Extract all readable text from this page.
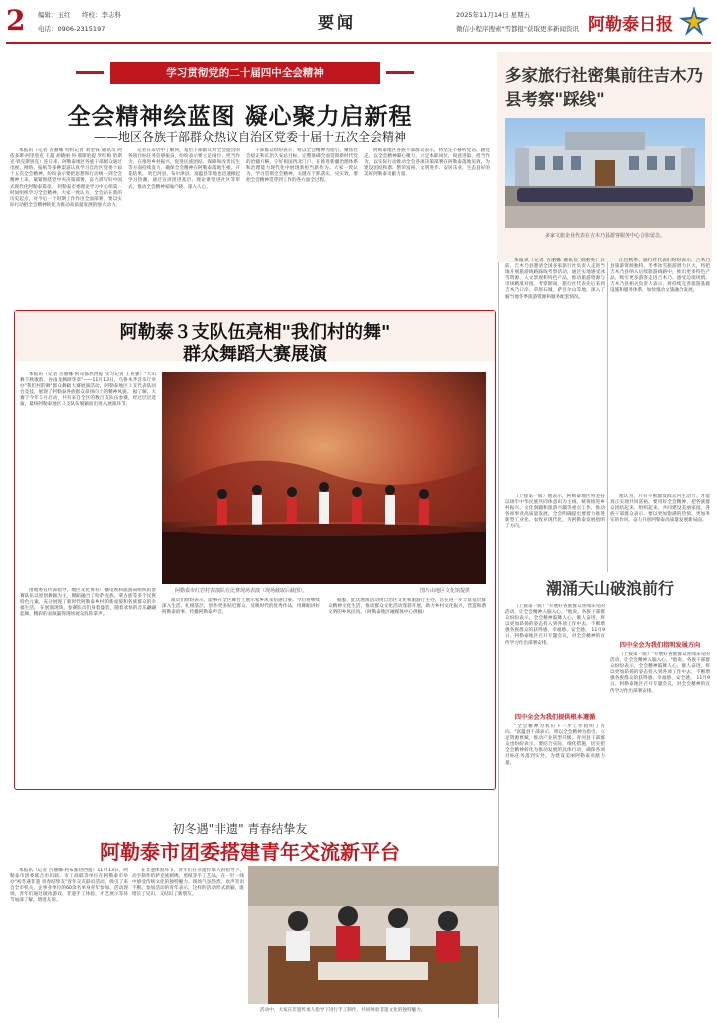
2 编辑：玉红 终校：李志科
电话：0906-2315197	要闻	2025年11月14日 星期五
微信小程序搜索"雪都报"获取更多新闻资讯 阿勒泰日报
学习贯彻党的二十届四中全会精神
全会精神绘蓝图 凝心聚力启新程
——地区各族干部群众热议自治区党委十届十五次全会精神

本报讯（记者 古丽娜 特约记者 刘金钱 通讯员 阿依多斯·阿里别克 王超 胡晓丽 何·那斯哈提 罗红梅 哈斯克·铁克斯别克）连日来，阿勒泰地区各族干部群众通过电视、网络、报纸等多种渠道认真学习自治区党委十届十五次全会精神，纷纷表示要把思想和行动统一到全会精神上来，紧紧围绕党中央决策部署，奋力谱写好中国式现代化阿勒泰篇章。 阿勒泰市委理论学习中心组第一时间组织学习全会精神，大家一致认为，全会站在新的历史起点，对今后一个时期工作作出全面部署，要以实际行动把全会精神转化为推动高质量发展的强大动力。

记者在采访中了解到，基层干部群众对全会提出的各项目标任务倍感振奋，纷纷表示要立足岗位、担当作为，在推进乡村振兴、促进民族团结、保障和改善民生等方面持续发力，确保全会精神在阿勒泰落地生根、开花结果。 哈巴河县、布尔津县、富蕴县等地也迅速掀起学习热潮，通过宣讲团进基层、理论课堂进社区等形式，推动全会精神家喻户晓、深入人心。

干部群众纷纷表示，将以全会精神为指引，聚焦社会稳定和长治久安总目标，完整准确全面贯彻新时代党的治疆方略，守好祖国西北门户，在推进新疆治理体系和治理能力现代化中展现新担当新作为。大家一致认为，学习贯彻全会精神，关键在于抓落实、见实效，要把全会精神贯穿到工作的各方面全过程。

阿勒泰地区各族干部群众表示，将坚定不移听党话、跟党走，以全会精神凝心聚力，立足本职岗位，锐意进取、担当作为，以实际行动推动全会各项决策部署在阿勒泰落地见效，为建设团结和谐、繁荣富裕、文明进步、安居乐业、生态良好的美好阿勒泰贡献力量。

多家旅行社密集前往吉木乃县考察"踩线"
多家文旅企业代表在吉木乃县游客服务中心合影留念。

本报讯（记者 古丽娜 通讯员 刘丽英）日前，吉木乃县邀请全国多家旅行社负责人走进当地开展旅游线路踩线考察活动，通过实地感受冰雪资源、人文景观和特色产品，推动旅游资源与市场精准对接。考察期间，旅行社代表先后来到吉木乃口岸、草原石城、萨吾尔山等地，深入了解当地冬季旅游资源和服务配套情况。

江色秋季，旅行社代表们纷纷表示，吉木乃县旅游资源独特，冬季冰雪旅游潜力巨大，将把吉木乃县纳入后续旅游线路中，推出更多特色产品，吸引更多游客走进吉木乃、感受边境风情。吉木乃县相关负责人表示，将持续完善旅游基础设施和服务体系，加快推动文旅融合发展。

阿勒泰３支队伍亮相"我们村的舞"
群众舞蹈大赛展演

本报讯（记者 古丽娜·阿布都热西提 实习记者 王亚强）"天山舞千秋歌韵，谷雨龙腾颂华章"——11月13日，乌鲁木齐音乐厅举办"我们村的舞"群众舞蹈大赛展演活动，阿勒泰地区３支代表队同台竞技，展现了阿勒泰各族群众昂扬向上的精神风貌。 据了解，大赛于今年５月启动，共有来自全区的数百支队伍参赛，经过层层选拔，最终阿勒泰地区３支队伍脱颖而出进入展演环节。

由地委宣传部指导、地区文化体育广播电视和旅游局组织的参赛队伍以原创舞蹈为主，舞蹈融合了哈萨克族、蒙古族等多个民族特色元素，充分展现了新时代阿勒泰乡村的新面貌和各族群众的幸福生活。 在展演现场，参赛队员们身着盛装，随着欢快的音乐翩翩起舞，精彩的表演赢得现场观众阵阵掌声。

演员们纷纷表示，能够在全区舞台上展示家乡风采倍感自豪。今后将继续深入生活、扎根基层，创作更多贴近群众、反映时代的优秀作品，用舞蹈讲好阿勒泰故事、传播阿勒泰声音。

据悉，此次展演活动由自治区文化和旅游厅主办，旨在进一步丰富基层群众精神文化生活，推动群众文化活动蓬勃开展，助力乡村文化振兴，营造和谐文明的乡风民风。（阿勒泰地区融媒体中心供稿）

阿勒泰市红岩村表演队在比赛现场表演（现场截取后截图）。	图片由地区文化馆提供
初冬遇"非遗" 青春结挚友
阿勒泰市团委搭建青年交流新平台

本报讯（记者 古丽娜·阿布都热西提）11月13日，阿勒泰市团委联合市妇联、市工商联等单位在阿勒泰市举办"初冬遇非遗 青春结挚友"青年交友联谊活动，吸引了来自全市机关、企事业单位的60余名单身青年参加。活动现场，青年们通过破冰游戏、非遗手工体验、才艺展示等环节加深了解、增进友谊。

在非遗体验环节，青年们在非遗传承人的指导下，动手制作哈萨克族刺绣、剪纸等手工艺品，在一针一线中感受传统文化的独特魅力。现场气氛热烈，欢声笑语不断。参加活动的青年表示，这样的活动形式新颖，既增长了见识，又结识了新朋友。

活动中，大家在非遗传承人指导下进行手工制作，共同体验非遗文化的独特魅力。

（上接第一版）他表示，阿勒泰地区将坚持以铸牢中华民族共同体意识为主线，统筹推进乡村振兴、文化润疆和旅游兴疆等重点工作，推动各项事业高质量发展。全会明确提出要着力推进新型工业化、农牧业现代化，为阿勒泰发展指明了方向。

他认为，只有不断激发群众内生动力，才能真正实现共同富裕。要用好全会精神，把各族群众团结起来、组织起来，共同建设美丽家园。各族干部群众表示，要以更加饱满的热情、更加务实的作风，奋力开创阿勒泰高质量发展新局面。

潮涌天山破浪前行

（上接第一版）"开展好各族群众喜闻乐见的活动，让全会精神入脑入心。"他说。各族干部群众纷纷表示，全会精神鼓舞人心、催人奋进，将以更加昂扬的姿态投入到各项工作中去，不断增强各族群众的获得感、幸福感、安全感。 11月9日，阿勒泰地区召开专题会议，对全会精神的宣传学习作出部署安排。

四中全会为我们提供根本遵循

"全会精神为我们下一步工作指明了方向。"富蕴县干部表示，将以全会精神为指引，立足资源禀赋，推动产业转型升级。青河县干部群众也纷纷表示，要结合实际，细化措施，切实把全会精神转化为推动发展的具体行动，确保各项目标任务落到实处，为建设美丽阿勒泰贡献力量。

四中全会为我们指明发展方向

（上接第一版）"开展好各族群众喜闻乐见的活动，让全会精神入脑入心。"他说。各族干部群众纷纷表示，全会精神鼓舞人心、催人奋进，将以更加昂扬的姿态投入到各项工作中去，不断增强各族群众的获得感、幸福感、安全感。 11月9日，阿勒泰地区召开专题会议，对全会精神的宣传学习作出部署安排。
